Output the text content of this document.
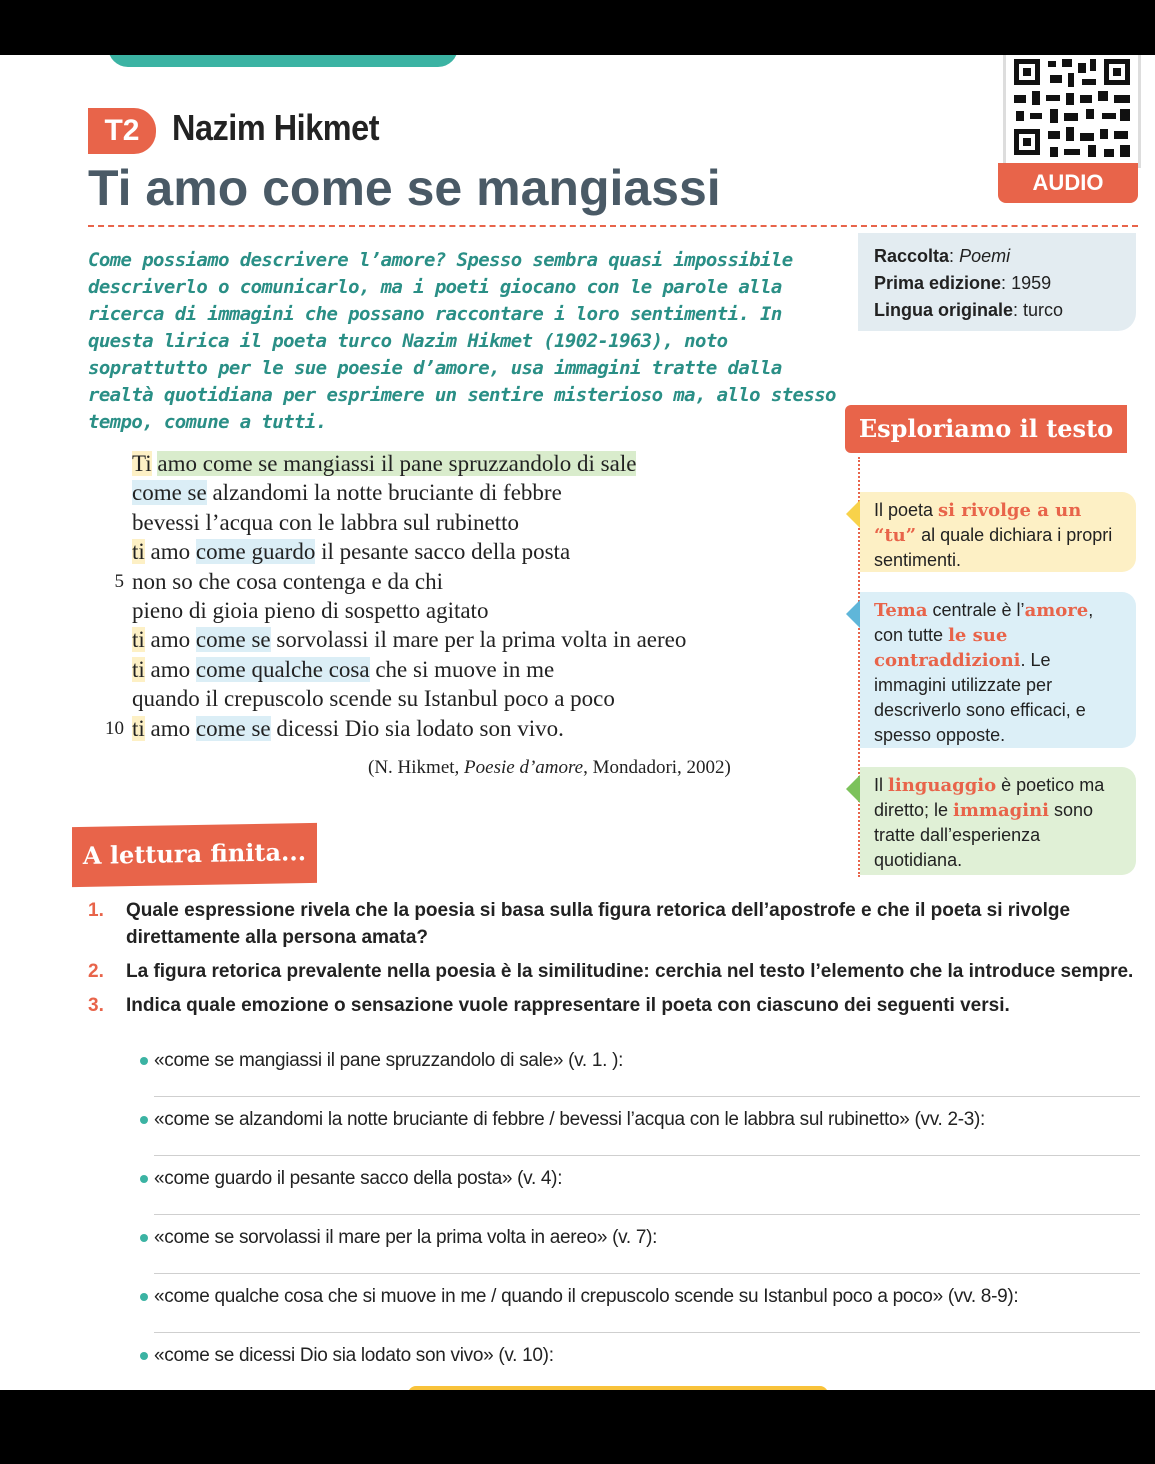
T2 Nazim Hikmet
Ti amo come se mangiassi	AUDIO
Come possiamo descrivere l’amore? Spesso sembra quasi impossibile descriverlo o comunicarlo, ma i poeti giocano con le parole alla ricerca di immagini che possano raccontare i loro sentimenti. In questa lirica il poeta turco Nazim Hikmet (1902-1963), noto soprattutto per le sue poesie d’amore, usa immagini tratte dalla realtà quotidiana per esprimere un sentire misterioso ma, allo stesso tempo, comune a tutti.
Raccolta: Poemi
Prima edizione: 1959
Lingua originale: turco
Esploriamo il testo
Ti amo come se mangiassi il pane spruzzandolo di sale
come se alzandomi la notte bruciante di febbre
bevessi l’acqua con le labbra sul rubinetto
ti amo come guardo il pesante sacco della posta
5 non so che cosa contenga e da chi
pieno di gioia pieno di sospetto agitato
ti amo come se sorvolassi il mare per la prima volta in aereo
ti amo come qualche cosa che si muove in me
quando il crepuscolo scende su Istanbul poco a poco
10 ti amo come se dicessi Dio sia lodato son vivo.
(N. Hikmet, Poesie d’amore, Mondadori, 2002)
Il poeta si rivolge a un “tu” al quale dichiara i propri sentimenti.
Tema centrale è l’amore, con tutte le sue contraddizioni. Le immagini utilizzate per descriverlo sono efficaci, e spesso opposte.
Il linguaggio è poetico ma diretto; le immagini sono tratte dall’esperienza quotidiana.
A lettura finita...
1. Quale espressione rivela che la poesia si basa sulla figura retorica dell’apostrofe e che il poeta si rivolge direttamente alla persona amata?
2. La figura retorica prevalente nella poesia è la similitudine: cerchia nel testo l’elemento che la introduce sempre.
3. Indica quale emozione o sensazione vuole rappresentare il poeta con ciascuno dei seguenti versi.
«come se mangiassi il pane spruzzandolo di sale» (v. 1. ):
«come se alzandomi la notte bruciante di febbre / bevessi l’acqua con le labbra sul rubinetto» (vv. 2-3):
«come guardo il pesante sacco della posta» (v. 4):
«come se sorvolassi il mare per la prima volta in aereo» (v. 7):
«come qualche cosa che si muove in me / quando il crepuscolo scende su Istanbul poco a poco» (vv. 8-9):
«come se dicessi Dio sia lodato son vivo» (v. 10):
